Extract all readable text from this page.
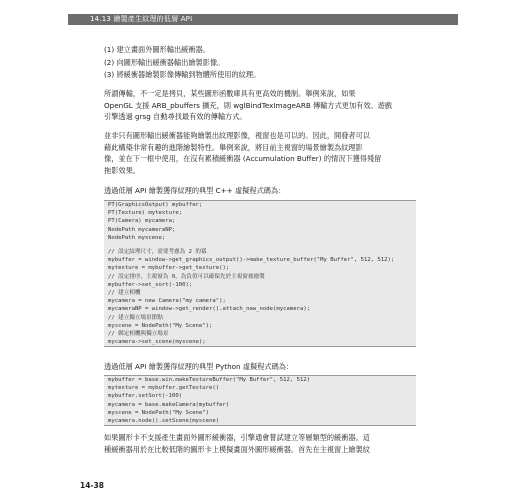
14.13 繪製產生紋理的低層 API
(1) 建立畫面外圖形輸出緩衝器。
(2) 向圖形輸出緩衝器輸出繪製影像。
(3) 將緩衝器繪製影像傳輸到物體所使用的紋理。
所謂傳輸，不一定是拷貝，某些圖形函數庫具有更高效的機制。舉例來說，如果
OpenGL 支援 ARB_pbuffers 擴充，則 wglBindTexImageARB 傳輸方式更加有效。遊戲
引擎透過 grsg 自動尋找最有效的傳輸方式。
並非只有圖形輸出緩衝器能夠繪製出紋理影像，視窗也是可以的。因此，開發者可以
藉此構築非常有趣的進階繪製特性。舉例來說，將目前主視窗的場景繪製為紋理影
像，並在下一框中使用，在沒有累積緩衝器 (Accumulation Buffer) 的情況下獲得殘留
拖影效果。
透過低層 API 繪製獲得紋理的典型 C++ 虛擬程式碼為：
PT(GraphicsOutput) mybuffer;
PT(Texture) mytexture;
PT(Camera) mycamera;
NodePath mycameraNP;
NodePath myscene;
// 設定紋理尺寸，需要考慮為 2 的冪
mybuffer = window->get_graphics_output()->make_texture_buffer("My Buffer", 512, 512);
mytexture = mybuffer->get_texture();
// 設定排序，主視窗為 0，為負值可以確保先於主視窗被繪製
mybuffer->set_sort(-100);
// 建立相機
mycamera = new Camera("my camera");
mycameraNP = window->get_render().attach_new_node(mycamera);
// 建立獨立場景節點
myscene = NodePath("My Scene");
// 綁定相機與獨立場景
mycamera->set_scene(myscene);
透過低層 API 繪製獲得紋理的典型 Python 虛擬程式碼為：
mybuffer = base.win.makeTextureBuffer("My Buffer", 512, 512)
mytexture = mybuffer.getTexture()
mybuffer.setSort(-100)
mycamera = base.makeCamera(mybuffer)
myscene = NodePath("My Scene")
mycamera.node().setScene(myscene)
如果圖形卡不支援產生畫面外圖形緩衝器，引擎通會嘗試建立等層類型的緩衝器。這
種緩衝器用於在比較低階的圖形卡上模擬畫面外圖形緩衝器。首先在主視窗上繪製紋
14-38
